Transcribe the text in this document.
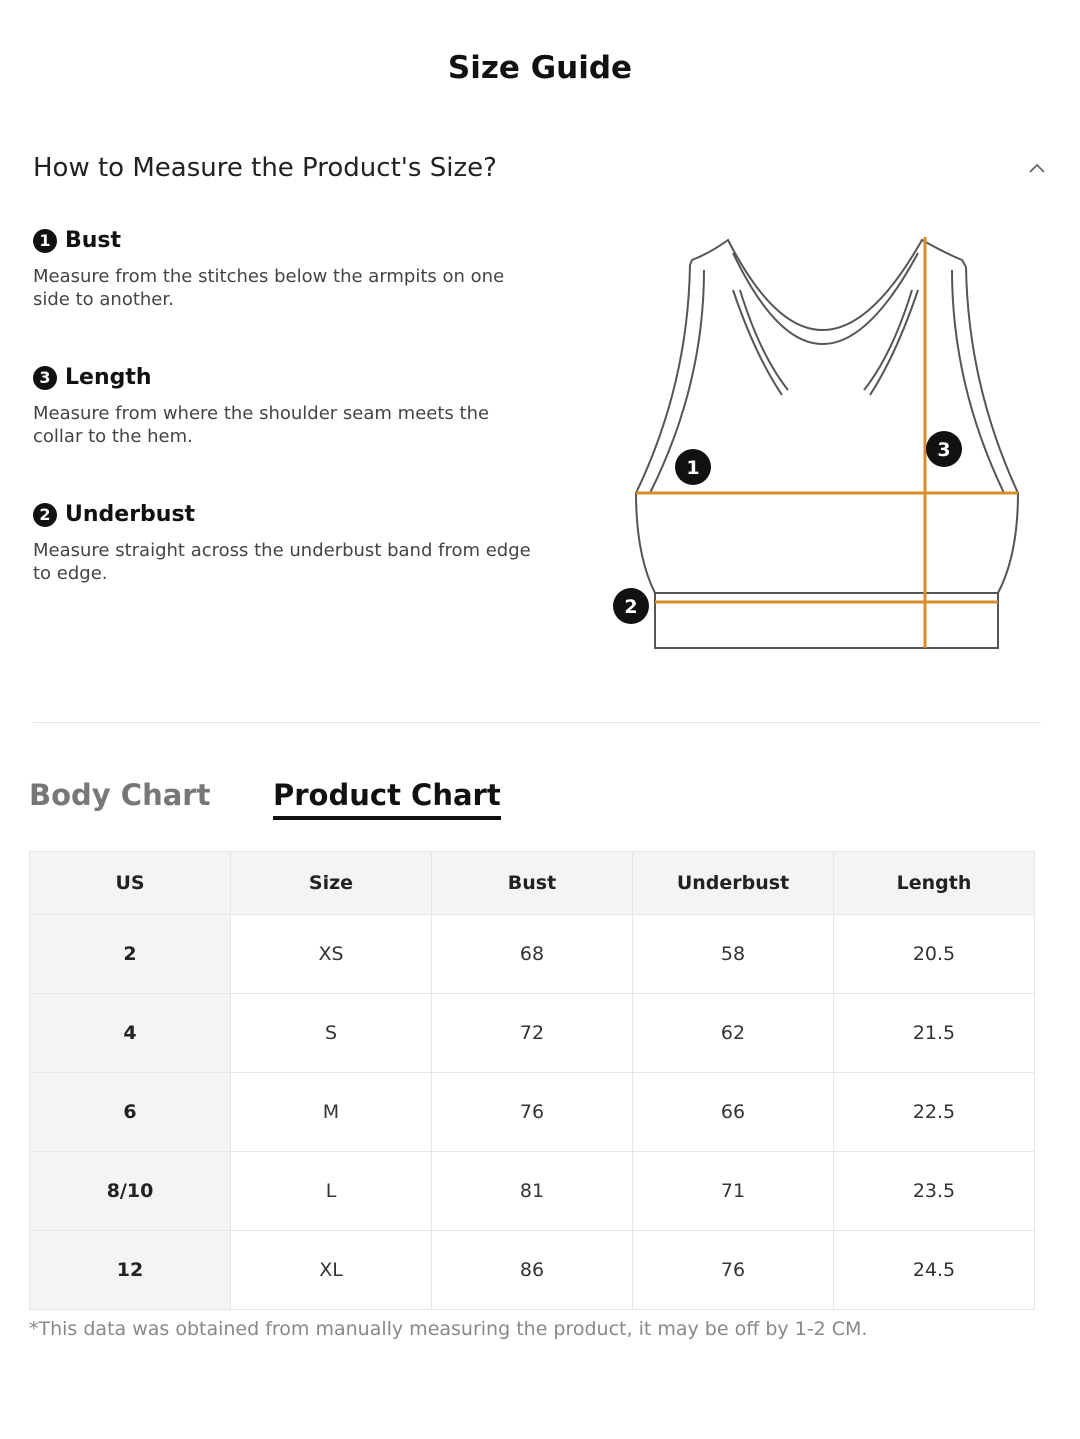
Size Guide
How to Measure the Product's Size?
1 Bust
Measure from the stitches below the armpits on one side to another.
3 Length
Measure from where the shoulder seam meets the collar to the hem.
2 Underbust
Measure straight across the underbust band from edge to edge.
1
2
3
Body Chart Product Chart
US	Size	Bust	Underbust	Length
2	XS	68	58	20.5
4	S	72	62	21.5
6	M	76	66	22.5
8/10	L	81	71	23.5
12	XL	86	76	24.5
*This data was obtained from manually measuring the product, it may be off by 1-2 CM.
